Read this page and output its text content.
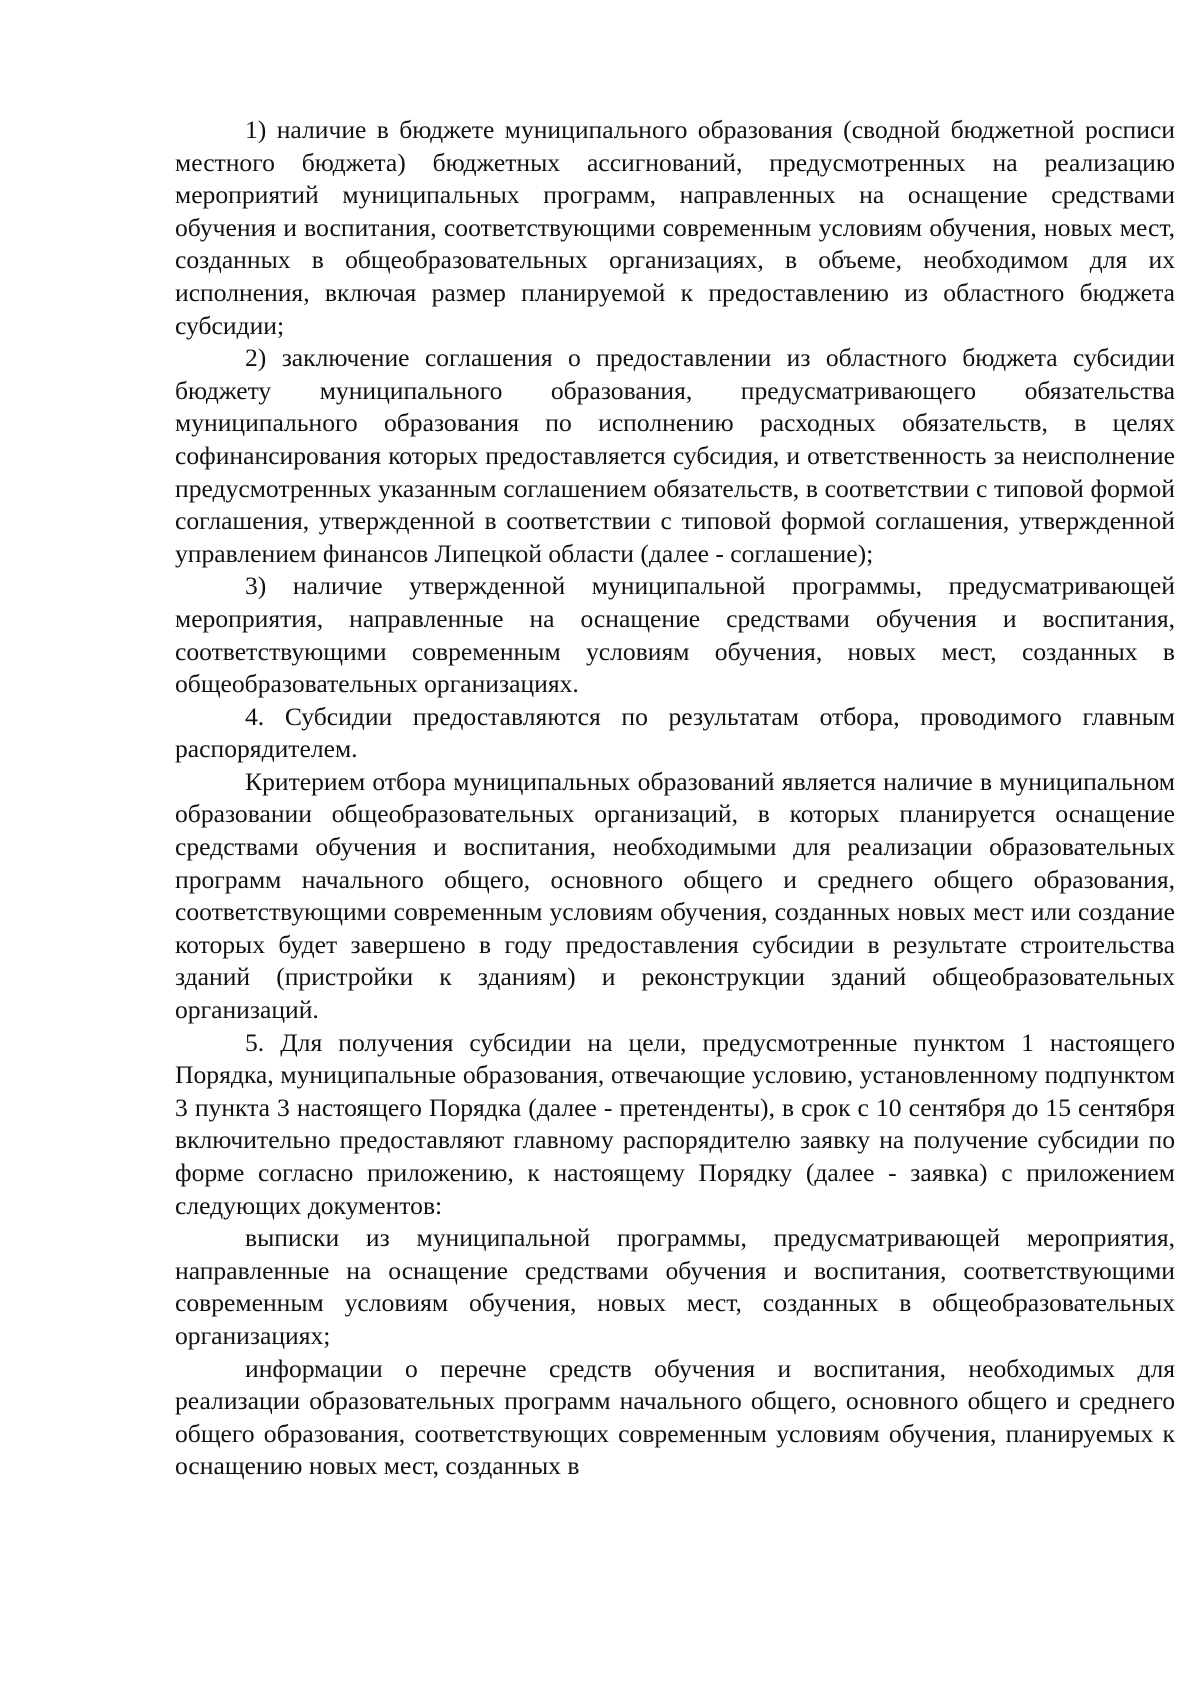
1) наличие в бюджете муниципального образования (сводной бюджетной росписи местного бюджета) бюджетных ассигнований, предусмотренных на реализацию мероприятий муниципальных программ, направленных на оснащение средствами обучения и воспитания, соответствующими современным условиям обучения, новых мест, созданных в общеобразовательных организациях, в объеме, необходимом для их исполнения, включая размер планируемой к предоставлению из областного бюджета субсидии;

2) заключение соглашения о предоставлении из областного бюджета субсидии бюджету муниципального образования, предусматривающего обязательства муниципального образования по исполнению расходных обязательств, в целях софинансирования которых предоставляется субсидия, и ответственность за неисполнение предусмотренных указанным соглашением обязательств, в соответствии с типовой формой соглашения, утвержденной в соответствии с типовой формой соглашения, утвержденной управлением финансов Липецкой области (далее - соглашение);

3) наличие утвержденной муниципальной программы, предусматривающей мероприятия, направленные на оснащение средствами обучения и воспитания, соответствующими современным условиям обучения, новых мест, созданных в общеобразовательных организациях.

4. Субсидии предоставляются по результатам отбора, проводимого главным распорядителем.

Критерием отбора муниципальных образований является наличие в муниципальном образовании общеобразовательных организаций, в которых планируется оснащение средствами обучения и воспитания, необходимыми для реализации образовательных программ начального общего, основного общего и среднего общего образования, соответствующими современным условиям обучения, созданных новых мест или создание которых будет завершено в году предоставления субсидии в результате строительства зданий (пристройки к зданиям) и реконструкции зданий общеобразовательных организаций.

5. Для получения субсидии на цели, предусмотренные пунктом 1 настоящего Порядка, муниципальные образования, отвечающие условию, установленному подпунктом 3 пункта 3 настоящего Порядка (далее - претенденты), в срок с 10 сентября до 15 сентября включительно предоставляют главному распорядителю заявку на получение субсидии по форме согласно приложению, к настоящему Порядку (далее - заявка) с приложением следующих документов:

выписки из муниципальной программы, предусматривающей мероприятия, направленные на оснащение средствами обучения и воспитания, соответствующими современным условиям обучения, новых мест, созданных в общеобразовательных организациях;

информации о перечне средств обучения и воспитания, необходимых для реализации образовательных программ начального общего, основного общего и среднего общего образования, соответствующих современным условиям обучения, планируемых к оснащению новых мест, созданных в
